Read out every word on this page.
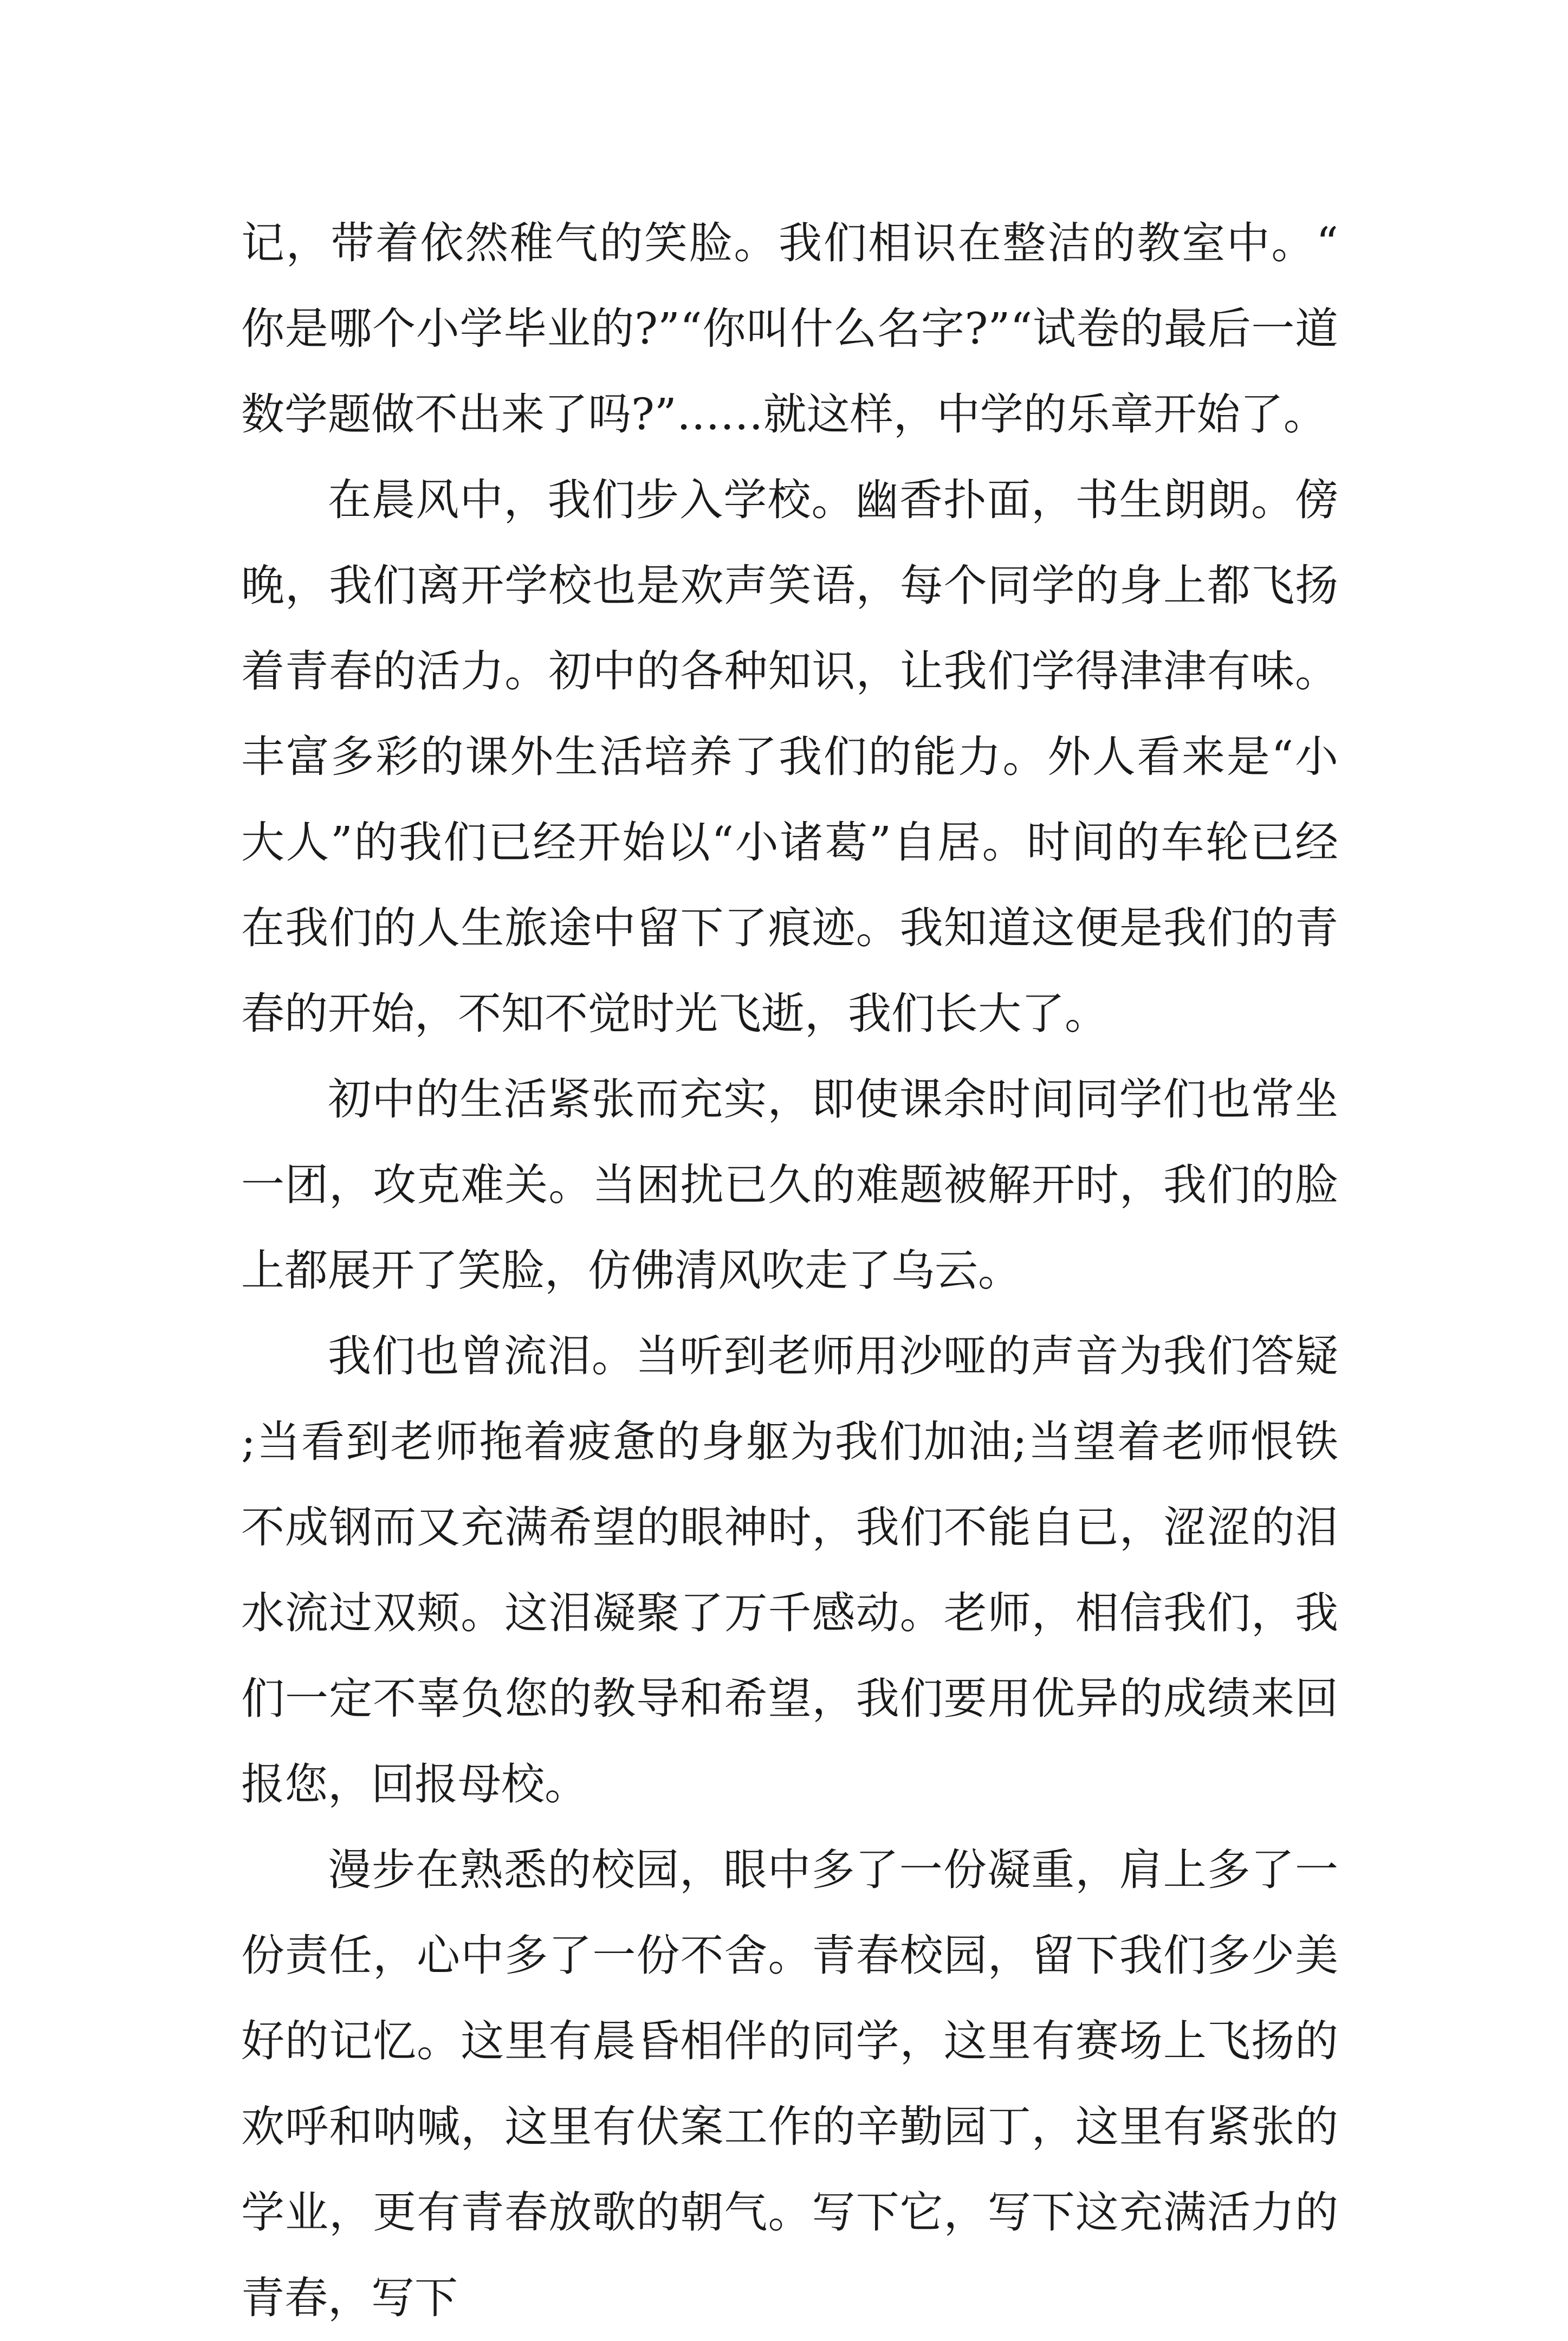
记，带着依然稚气的笑脸。我们相识在整洁的教室中。“你是哪个小学毕业的?”“你叫什么名字?”“试卷的最后一道数学题做不出来了吗?”……就这样，中学的乐章开始了。

在晨风中，我们步入学校。幽香扑面，书生朗朗。傍晚，我们离开学校也是欢声笑语，每个同学的身上都飞扬着青春的活力。初中的各种知识，让我们学得津津有味。丰富多彩的课外生活培养了我们的能力。外人看来是“小大人”的我们已经开始以“小诸葛”自居。时间的车轮已经在我们的人生旅途中留下了痕迹。我知道这便是我们的青春的开始，不知不觉时光飞逝，我们长大了。

初中的生活紧张而充实，即使课余时间同学们也常坐一团，攻克难关。当困扰已久的难题被解开时，我们的脸上都展开了笑脸，仿佛清风吹走了乌云。

我们也曾流泪。当听到老师用沙哑的声音为我们答疑;当看到老师拖着疲惫的身躯为我们加油;当望着老师恨铁不成钢而又充满希望的眼神时，我们不能自已，涩涩的泪水流过双颊。这泪凝聚了万千感动。老师，相信我们，我们一定不辜负您的教导和希望，我们要用优异的成绩来回报您，回报母校。

漫步在熟悉的校园，眼中多了一份凝重，肩上多了一份责任，心中多了一份不舍。青春校园，留下我们多少美好的记忆。这里有晨昏相伴的同学，这里有赛场上飞扬的欢呼和呐喊，这里有伏案工作的辛勤园丁，这里有紧张的学业，更有青春放歌的朝气。写下它，写下这充满活力的青春，写下
